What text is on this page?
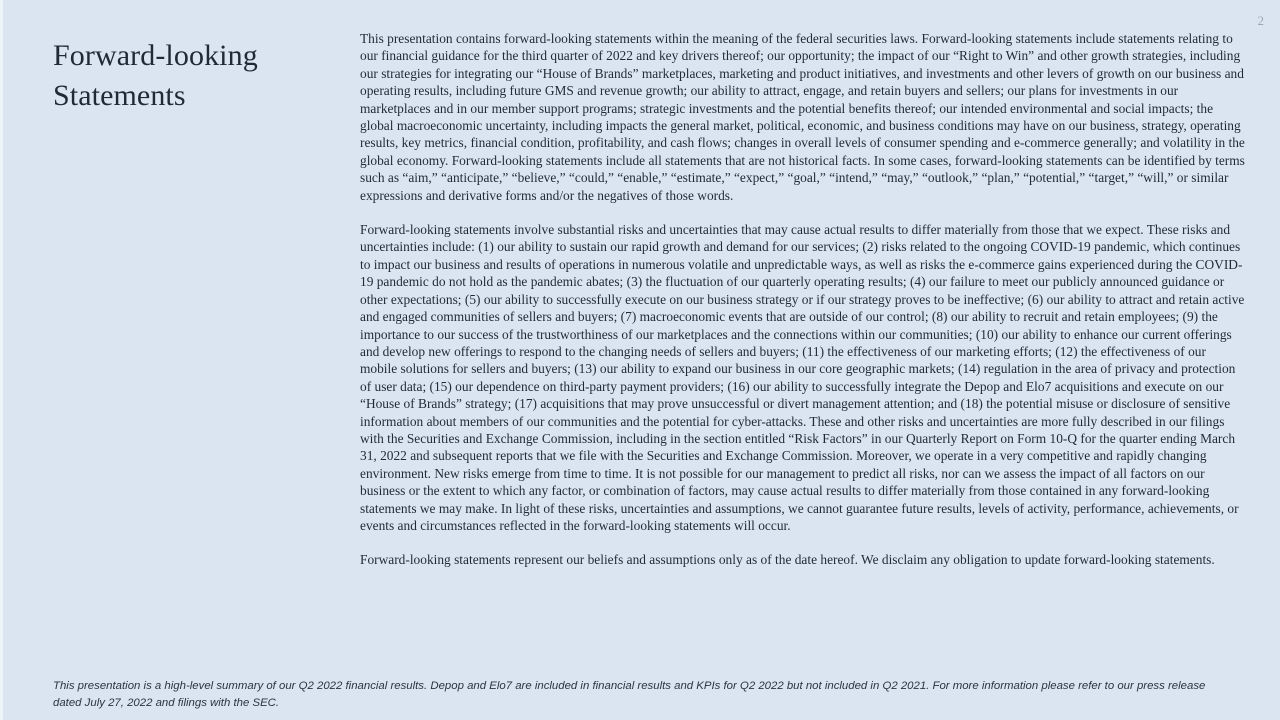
2
Forward-looking Statements

This presentation contains forward-looking statements within the meaning of the federal securities laws. Forward-looking statements include statements relating to our financial guidance for the third quarter of 2022 and key drivers thereof; our opportunity; the impact of our “Right to Win” and other growth strategies, including our strategies for integrating our “House of Brands” marketplaces, marketing and product initiatives, and investments and other levers of growth on our business and operating results, including future GMS and revenue growth; our ability to attract, engage, and retain buyers and sellers; our plans for investments in our marketplaces and in our member support programs; strategic investments and the potential benefits thereof; our intended environmental and social impacts; the global macroeconomic uncertainty, including impacts the general market, political, economic, and business conditions may have on our business, strategy, operating results, key metrics, financial condition, profitability, and cash flows; changes in overall levels of consumer spending and e-commerce generally; and volatility in the global economy. Forward-looking statements include all statements that are not historical facts. In some cases, forward-looking statements can be identified by terms such as “aim,” “anticipate,” “believe,” “could,” “enable,” “estimate,” “expect,” “goal,” “intend,” “may,” “outlook,” “plan,” “potential,” “target,” “will,” or similar expressions and derivative forms and/or the negatives of those words.

Forward-looking statements involve substantial risks and uncertainties that may cause actual results to differ materially from those that we expect. These risks and uncertainties include: (1) our ability to sustain our rapid growth and demand for our services; (2) risks related to the ongoing COVID-19 pandemic, which continues to impact our business and results of operations in numerous volatile and unpredictable ways, as well as risks the e-commerce gains experienced during the COVID-19 pandemic do not hold as the pandemic abates; (3) the fluctuation of our quarterly operating results; (4) our failure to meet our publicly announced guidance or other expectations; (5) our ability to successfully execute on our business strategy or if our strategy proves to be ineffective; (6) our ability to attract and retain active and engaged communities of sellers and buyers; (7) macroeconomic events that are outside of our control; (8) our ability to recruit and retain employees; (9) the importance to our success of the trustworthiness of our marketplaces and the connections within our communities; (10) our ability to enhance our current offerings and develop new offerings to respond to the changing needs of sellers and buyers; (11) the effectiveness of our marketing efforts; (12) the effectiveness of our mobile solutions for sellers and buyers; (13) our ability to expand our business in our core geographic markets; (14) regulation in the area of privacy and protection of user data; (15) our dependence on third-party payment providers; (16) our ability to successfully integrate the Depop and Elo7 acquisitions and execute on our “House of Brands” strategy; (17) acquisitions that may prove unsuccessful or divert management attention; and (18) the potential misuse or disclosure of sensitive information about members of our communities and the potential for cyber-attacks. These and other risks and uncertainties are more fully described in our filings with the Securities and Exchange Commission, including in the section entitled “Risk Factors” in our Quarterly Report on Form 10-Q for the quarter ending March 31, 2022 and subsequent reports that we file with the Securities and Exchange Commission. Moreover, we operate in a very competitive and rapidly changing environment. New risks emerge from time to time. It is not possible for our management to predict all risks, nor can we assess the impact of all factors on our business or the extent to which any factor, or combination of factors, may cause actual results to differ materially from those contained in any forward-looking statements we may make. In light of these risks, uncertainties and assumptions, we cannot guarantee future results, levels of activity, performance, achievements, or events and circumstances reflected in the forward-looking statements will occur.

Forward-looking statements represent our beliefs and assumptions only as of the date hereof. We disclaim any obligation to update forward-looking statements.

This presentation is a high-level summary of our Q2 2022 financial results. Depop and Elo7 are included in financial results and KPIs for Q2 2022 but not included in Q2 2021. For more information please refer to our press release dated July 27, 2022 and filings with the SEC.
